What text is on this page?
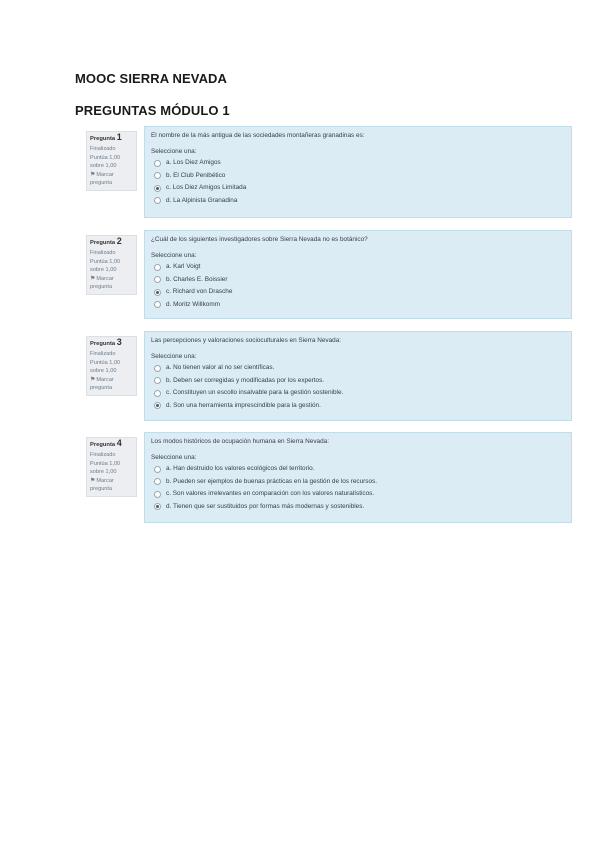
MOOC SIERRA NEVADA
PREGUNTAS MÓDULO 1
Pregunta 1
Finalizado
Puntúa 1,00 sobre 1,00
⚑Marcar pregunta
El nombre de la más antigua de las sociedades montañeras granadinas es:
Seleccione una:
a. Los Diez Amigos
b. El Club Penibético
c. Los Diez Amigos Limitada
d. La Alpinista Granadina
Pregunta 2
Finalizado
Puntúa 1,00 sobre 1,00
⚑Marcar pregunta
¿Cuál de los siguientes investigadores sobre Sierra Nevada no es botánico?
Seleccione una:
a. Karl Voigt
b. Charles E. Boissier
c. Richard von Drasche
d. Moritz Willkomm
Pregunta 3
Finalizado
Puntúa 1,00 sobre 1,00
⚑Marcar pregunta
Las percepciones y valoraciones socioculturales en Sierra Nevada:
Seleccione una:
a. No tienen valor al no ser científicas.
b. Deben ser corregidas y modificadas por los expertos.
c. Constituyen un escollo insalvable para la gestión sostenible.
d. Son una herramienta imprescindible para la gestión.
Pregunta 4
Finalizado
Puntúa 1,00 sobre 1,00
⚑Marcar pregunta
Los modos históricos de ocupación humana en Sierra Nevada:
Seleccione una:
a. Han destruido los valores ecológicos del territorio.
b. Pueden ser ejemplos de buenas prácticas en la gestión de los recursos.
c. Son valores irrelevantes en comparación con los valores naturalísticos.
d. Tienen que ser sustituidos por formas más modernas y sostenibles.
